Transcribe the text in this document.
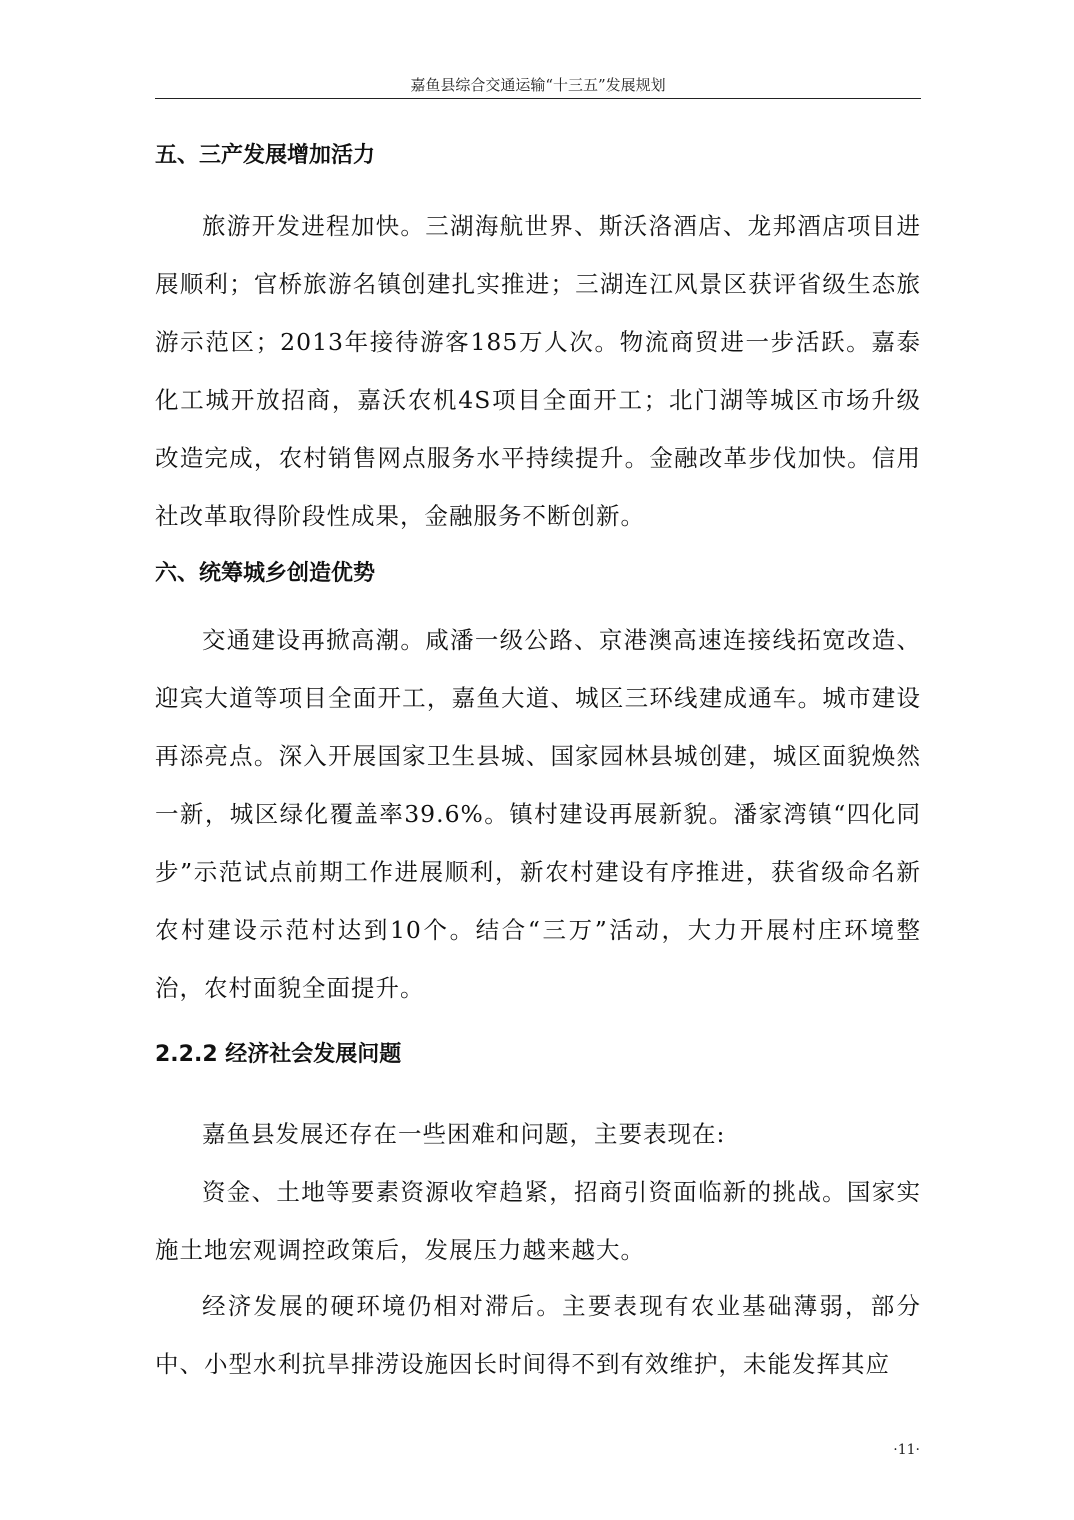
嘉鱼县综合交通运输“十三五”发展规划
五、三产发展增加活力

旅游开发进程加快。三湖海航世界、斯沃洛酒店、龙邦酒店项目进展顺利；官桥旅游名镇创建扎实推进；三湖连江风景区获评省级生态旅游示范区；2013年接待游客185万人次。物流商贸进一步活跃。嘉泰化工城开放招商，嘉沃农机4S项目全面开工；北门湖等城区市场升级改造完成，农村销售网点服务水平持续提升。金融改革步伐加快。信用社改革取得阶段性成果，金融服务不断创新。

六、统筹城乡创造优势

交通建设再掀高潮。咸潘一级公路、京港澳高速连接线拓宽改造、迎宾大道等项目全面开工，嘉鱼大道、城区三环线建成通车。城市建设再添亮点。深入开展国家卫生县城、国家园林县城创建，城区面貌焕然一新，城区绿化覆盖率39.6%。镇村建设再展新貌。潘家湾镇“四化同步”示范试点前期工作进展顺利，新农村建设有序推进，获省级命名新农村建设示范村达到10个。结合“三万”活动，大力开展村庄环境整治，农村面貌全面提升。

2.2.2 经济社会发展问题

嘉鱼县发展还存在一些困难和问题，主要表现在:

资金、土地等要素资源收窄趋紧，招商引资面临新的挑战。国家实施土地宏观调控政策后，发展压力越来越大。

经济发展的硬环境仍相对滞后。主要表现有农业基础薄弱，部分中、小型水利抗旱排涝设施因长时间得不到有效维护，未能发挥其应

·11·
